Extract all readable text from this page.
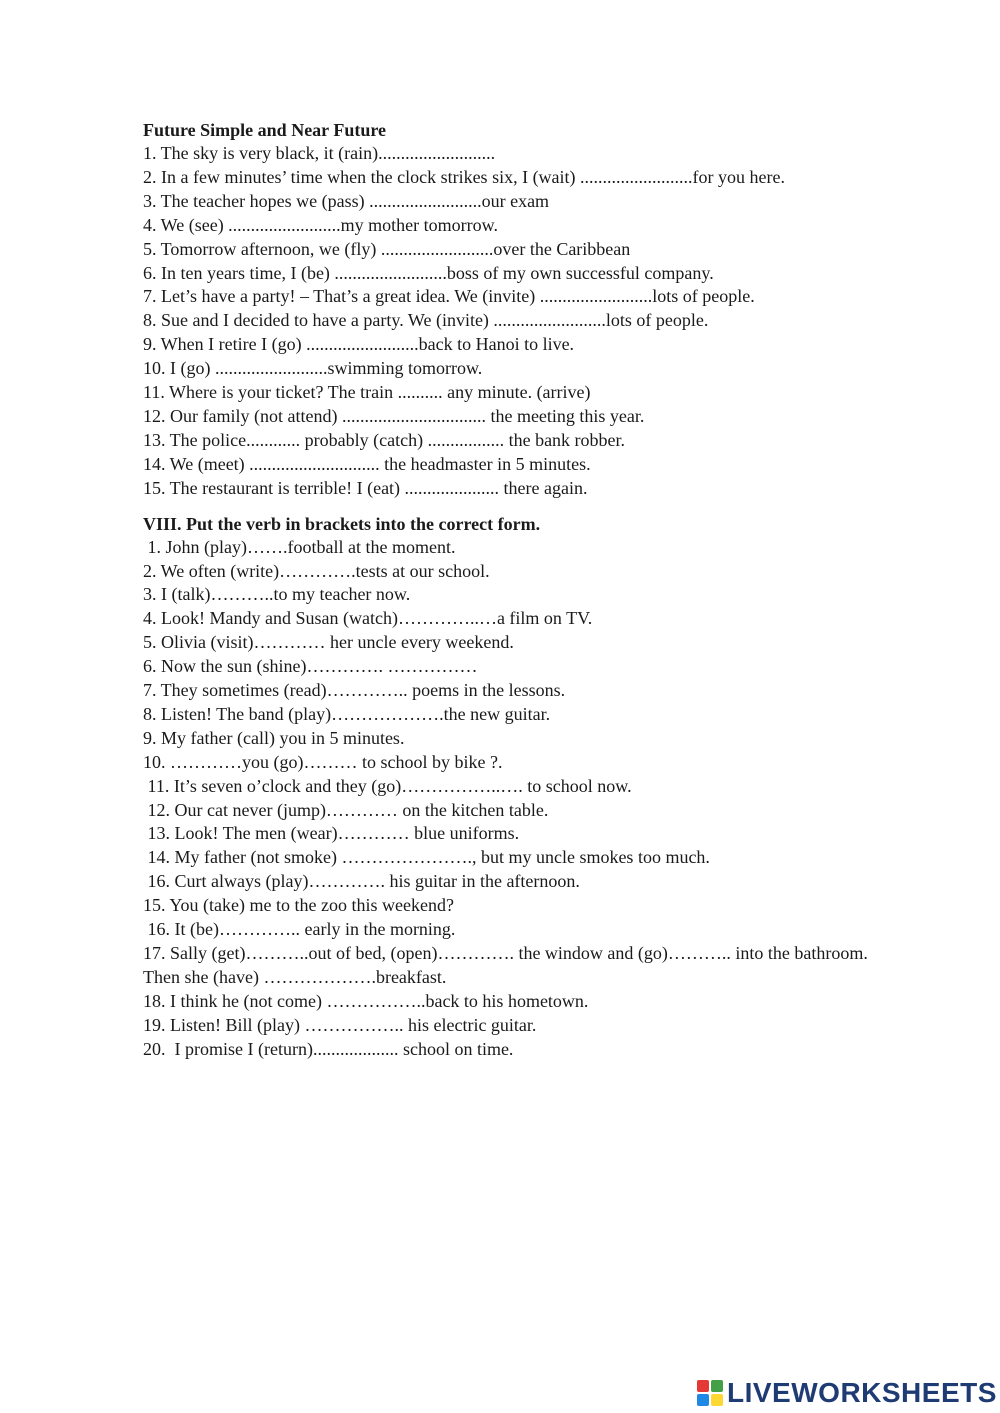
Future Simple and Near Future

1. The sky is very black, it (rain)..........................

2. In a few minutes’ time when the clock strikes six, I (wait) .........................for you here.

3. The teacher hopes we (pass) .........................our exam

4. We (see) .........................my mother tomorrow.

5. Tomorrow afternoon, we (fly) .........................over the Caribbean

6. In ten years time, I (be) .........................boss of my own successful company.

7. Let’s have a party! – That’s a great idea. We (invite) .........................lots of people.

8. Sue and I decided to have a party. We (invite) .........................lots of people.

9. When I retire I (go) .........................back to Hanoi to live.

10. I (go) .........................swimming tomorrow.

11. Where is your ticket? The train .......... any minute. (arrive)

12. Our family (not attend) ................................ the meeting this year.

13. The police............ probably (catch) ................. the bank robber.

14. We (meet) ............................. the headmaster in 5 minutes.

15. The restaurant is terrible! I (eat) ..................... there again.

VIII. Put the verb in brackets into the correct form.

1. John (play)…….football at the moment.

2. We often (write)………….tests at our school.

3. I (talk)………..to my teacher now.

4. Look! Mandy and Susan (watch)…………..…a film on TV.

5. Olivia (visit)………… her uncle every weekend.

6. Now the sun (shine)…………. ……………

7. They sometimes (read)………….. poems in the lessons.

8. Listen! The band (play)……………….the new guitar.

9. My father (call) you in 5 minutes.

10. …………you (go)……… to school by bike ?.

11. It’s seven o’clock and they (go)……………..…. to school now.

12. Our cat never (jump)………… on the kitchen table.

13. Look! The men (wear)………… blue uniforms.

14. My father (not smoke) …………………., but my uncle smokes too much.

16. Curt always (play)…………. his guitar in the afternoon.

15. You (take) me to the zoo this weekend?

16. It (be)………….. early in the morning.

17. Sally (get)………..out of bed, (open)…………. the window and (go)……….. into the bathroom. Then she (have) ……………….breakfast.

18. I think he (not come) ……………..back to his hometown.

19. Listen! Bill (play) …………….. his electric guitar.

20.  I promise I (return)................... school on time.

LIVEWORKSHEETS
